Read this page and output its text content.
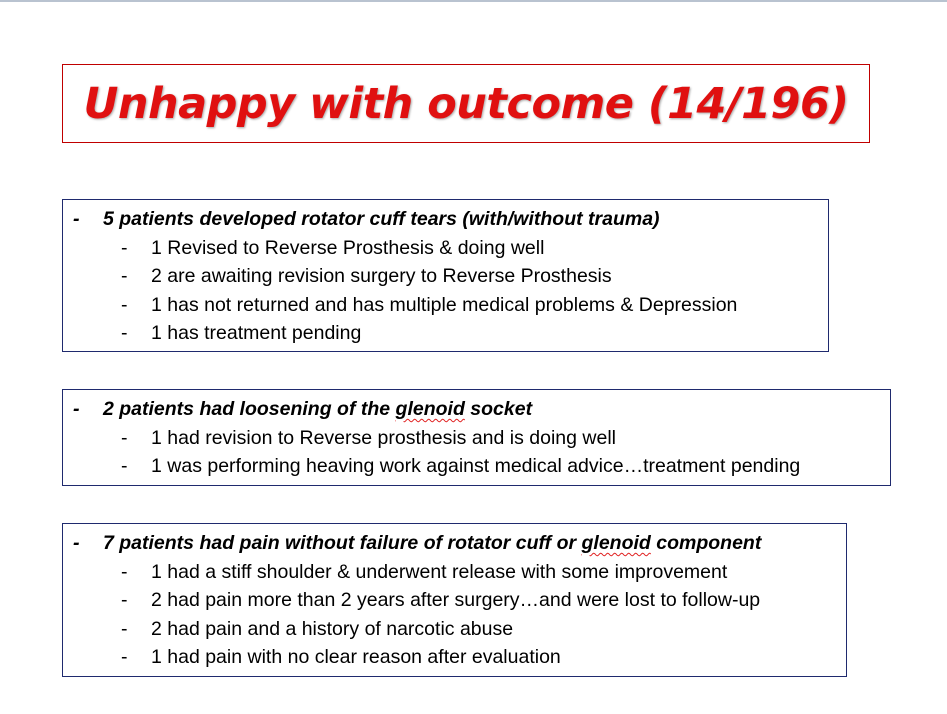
Unhappy with outcome (14/196)
-	5 patients developed rotator cuff tears (with/without trauma)
-	1 Revised to Reverse Prosthesis & doing well
-	2 are awaiting revision surgery to Reverse Prosthesis
-	1 has not returned and has multiple medical problems & Depression
-	1 has treatment pending
-	2 patients had loosening of the glenoid socket
-	1 had revision to Reverse prosthesis and is doing well
-	1 was performing heaving work against medical advice…treatment pending
-	7 patients had pain without failure of rotator cuff or glenoid component
-	1 had a stiff shoulder & underwent release with some improvement
-	2 had pain more than 2 years after surgery…and were lost to follow-up
-	2 had pain and a history of narcotic abuse
-	1 had pain with no clear reason after evaluation
